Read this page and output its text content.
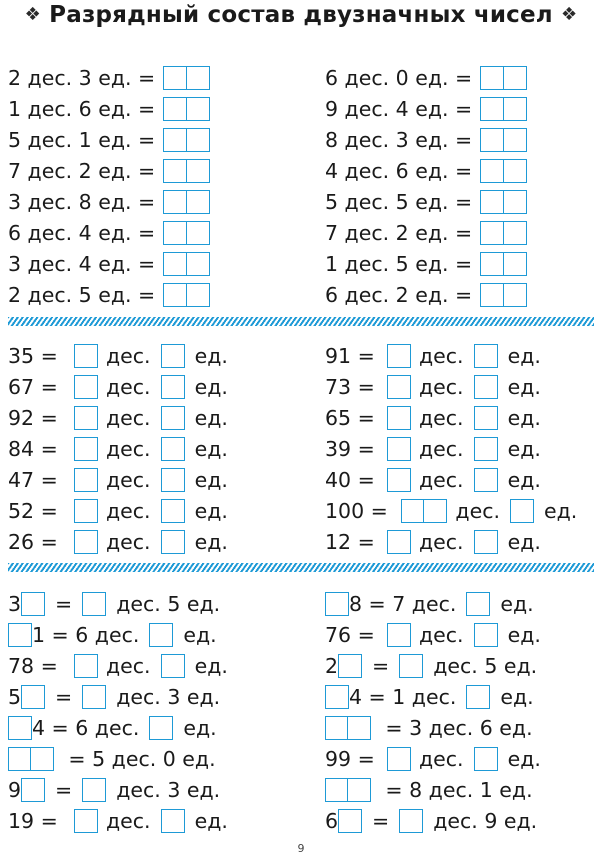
❖ Разрядный состав двузначных чисел ❖
2 дес. 3 ед. =
1 дес. 6 ед. =
5 дес. 1 ед. =
7 дес. 2 ед. =
3 дес. 8 ед. =
6 дес. 4 ед. =
3 дес. 4 ед. =
2 дес. 5 ед. =
6 дес. 0 ед. =
9 дес. 4 ед. =
8 дес. 3 ед. =
4 дес. 6 ед. =
5 дес. 5 ед. =
7 дес. 2 ед. =
1 дес. 5 ед. =
6 дес. 2 ед. =
35 =	дес. ед.
67 =	дес. ед.
92 =	дес. ед.
84 =	дес. ед.
47 =	дес. ед.
52 =	дес. ед.
26 =	дес. ед.
91 =	дес. ед.
73 =	дес. ед.
65 =	дес. ед.
39 =	дес. ед.
40 =	дес. ед.
100 =	дес. ед.
12 =	дес. ед.
3 = дес. 5 ед.
1 = 6 дес. ед.
78 =	дес. ед.
5 = дес. 3 ед.
4 = 6 дес. ед.
= 5 дес. 0 ед.
9 = дес. 3 ед.
19 =	дес. ед.
8 = 7 дес. ед.
76 =	дес. ед.
2 = дес. 5 ед.
4 = 1 дес. ед.
= 3 дес. 6 ед.
99 =	дес. ед.
= 8 дес. 1 ед.
6 = дес. 9 ед.
9
